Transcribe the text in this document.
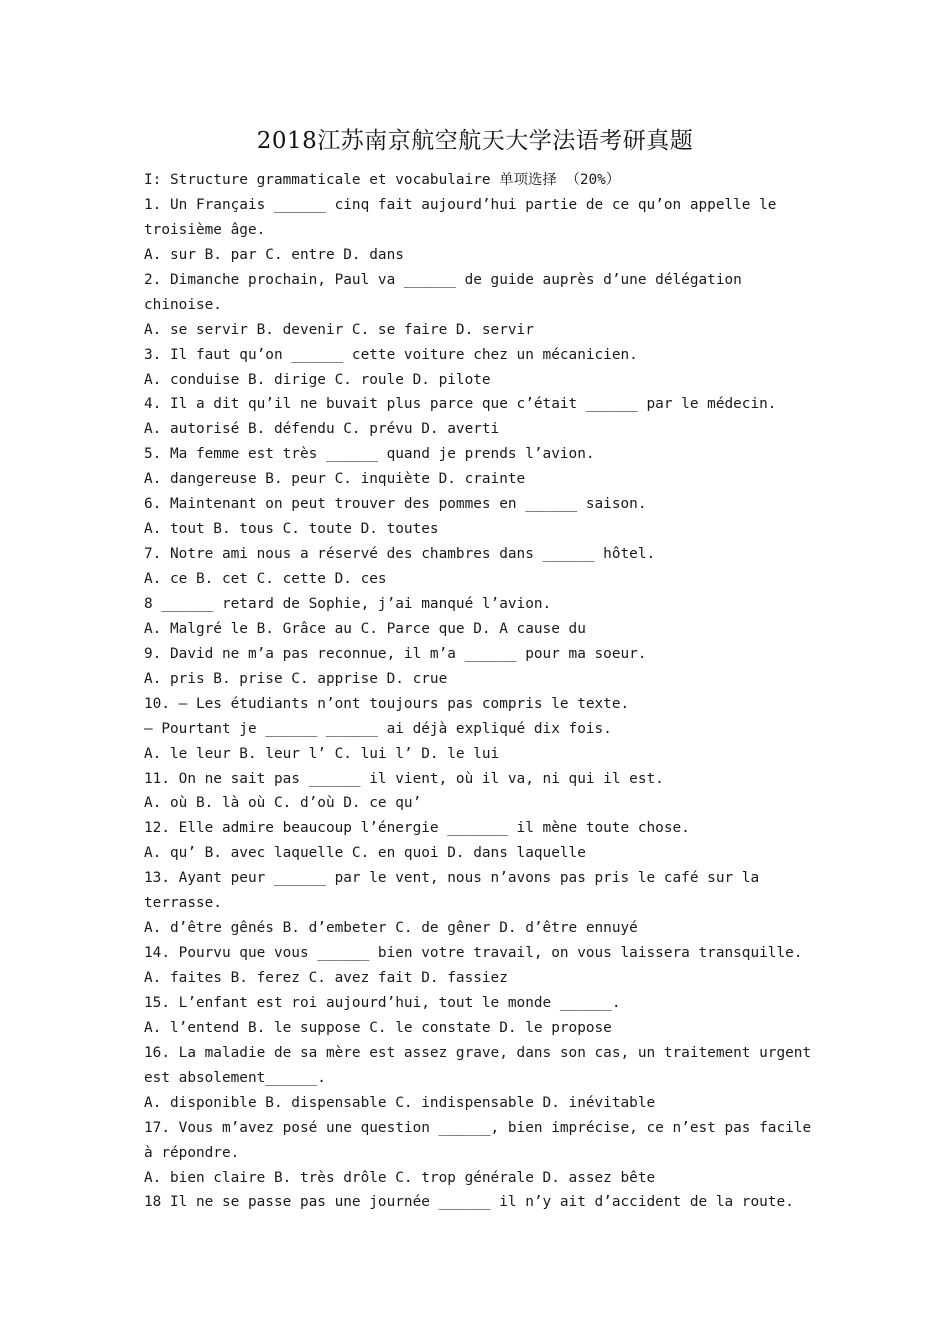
2018江苏南京航空航天大学法语考研真题
I: Structure grammaticale et vocabulaire 单项选择 （20%）
1. Un Français ______ cinq fait aujourd’hui partie de ce qu’on appelle le
troisième âge.
A. sur B. par C. entre D. dans
2. Dimanche prochain, Paul va ______ de guide auprès d’une délégation
chinoise.
A. se servir B. devenir C. se faire D. servir
3. Il faut qu’on ______ cette voiture chez un mécanicien.
A. conduise B. dirige C. roule D. pilote
4. Il a dit qu’il ne buvait plus parce que c’était ______ par le médecin.
A. autorisé B. défendu C. prévu D. averti
5. Ma femme est très ______ quand je prends l’avion.
A. dangereuse B. peur C. inquiète D. crainte
6. Maintenant on peut trouver des pommes en ______ saison.
A. tout B. tous C. toute D. toutes
7. Notre ami nous a réservé des chambres dans ______ hôtel.
A. ce B. cet C. cette D. ces
8 ______ retard de Sophie, j’ai manqué l’avion.
A. Malgré le B. Grâce au C. Parce que D. A cause du
9. David ne m’a pas reconnue, il m’a ______ pour ma soeur.
A. pris B. prise C. apprise D. crue
10. — Les étudiants n’ont toujours pas compris le texte.
— Pourtant je ______ ______ ai déjà expliqué dix fois.
A. le leur B. leur l’ C. lui l’ D. le lui
11. On ne sait pas ______ il vient, où il va, ni qui il est.
A. où B. là où C. d’où D. ce qu’
12. Elle admire beaucoup l’énergie _______ il mène toute chose.
A. qu’ B. avec laquelle C. en quoi D. dans laquelle
13. Ayant peur ______ par le vent, nous n’avons pas pris le café sur la
terrasse.
A. d’être gênés B. d’embeter C. de gêner D. d’être ennuyé
14. Pourvu que vous ______ bien votre travail, on vous laissera transquille.
A. faites B. ferez C. avez fait D. fassiez
15. L’enfant est roi aujourd’hui, tout le monde ______.
A. l’entend B. le suppose C. le constate D. le propose
16. La maladie de sa mère est assez grave, dans son cas, un traitement urgent
est absolement______.
A. disponible B. dispensable C. indispensable D. inévitable
17. Vous m’avez posé une question ______, bien imprécise, ce n’est pas facile
à répondre.
A. bien claire B. très drôle C. trop générale D. assez bête
18 Il ne se passe pas une journée ______ il n’y ait d’accident de la route.
